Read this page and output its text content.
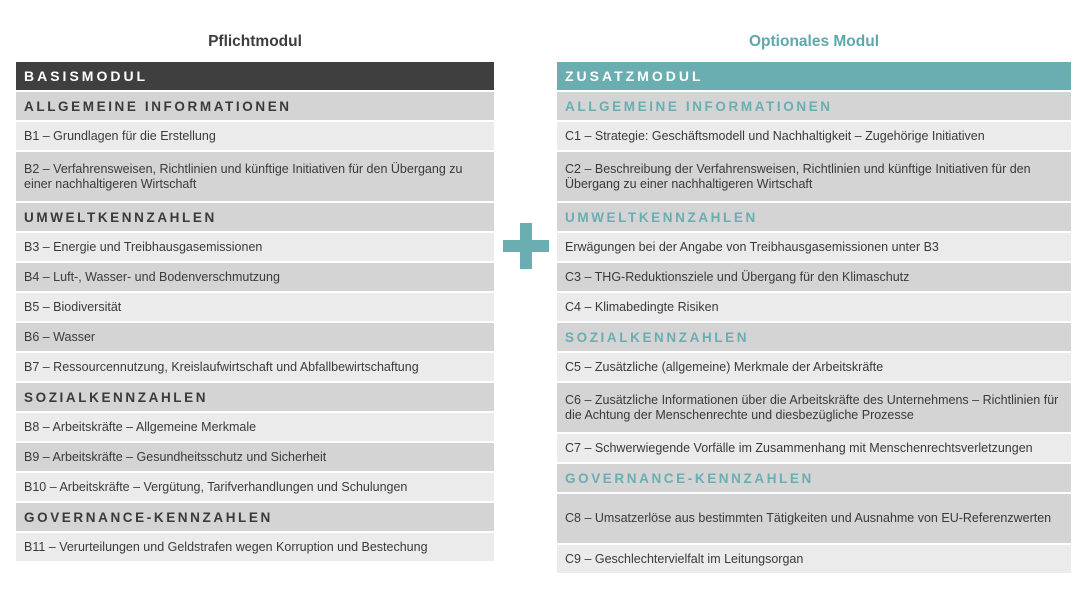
Pflichtmodul
BASISMODUL
ALLGEMEINE INFORMATIONEN
B1 – Grundlagen für die Erstellung
B2 – Verfahrensweisen, Richtlinien und künftige Initiativen für den Übergang zu einer nachhaltigeren Wirtschaft
UMWELTKENNZAHLEN
B3 – Energie und Treibhausgasemissionen
B4 – Luft-, Wasser- und Bodenverschmutzung
B5 – Biodiversität
B6 – Wasser
B7 – Ressourcennutzung, Kreislaufwirtschaft und Abfallbewirtschaftung
SOZIALKENNZAHLEN
B8 – Arbeitskräfte – Allgemeine Merkmale
B9 – Arbeitskräfte – Gesundheitsschutz und Sicherheit
B10 – Arbeitskräfte – Vergütung, Tarifverhandlungen und Schulungen
GOVERNANCE-KENNZAHLEN
B11 – Verurteilungen und Geldstrafen wegen Korruption und Bestechung
Optionales Modul
ZUSATZMODUL
ALLGEMEINE INFORMATIONEN
C1 – Strategie: Geschäftsmodell und Nachhaltigkeit – Zugehörige Initiativen
C2 – Beschreibung der Verfahrensweisen, Richtlinien und künftige Initiativen für den Übergang zu einer nachhaltigeren Wirtschaft
UMWELTKENNZAHLEN
Erwägungen bei der Angabe von Treibhausgasemissionen unter B3
C3 – THG-Reduktionsziele und Übergang für den Klimaschutz
C4 – Klimabedingte Risiken
SOZIALKENNZAHLEN
C5 – Zusätzliche (allgemeine) Merkmale der Arbeitskräfte
C6 – Zusätzliche Informationen über die Arbeitskräfte des Unternehmens – Richtlinien für die Achtung der Menschenrechte und diesbezügliche Prozesse
C7 – Schwerwiegende Vorfälle im Zusammenhang mit Menschenrechtsverletzungen
GOVERNANCE-KENNZAHLEN
C8 – Umsatzerlöse aus bestimmten Tätigkeiten und Ausnahme von EU-Referenzwerten
C9 – Geschlechtervielfalt im Leitungsorgan
